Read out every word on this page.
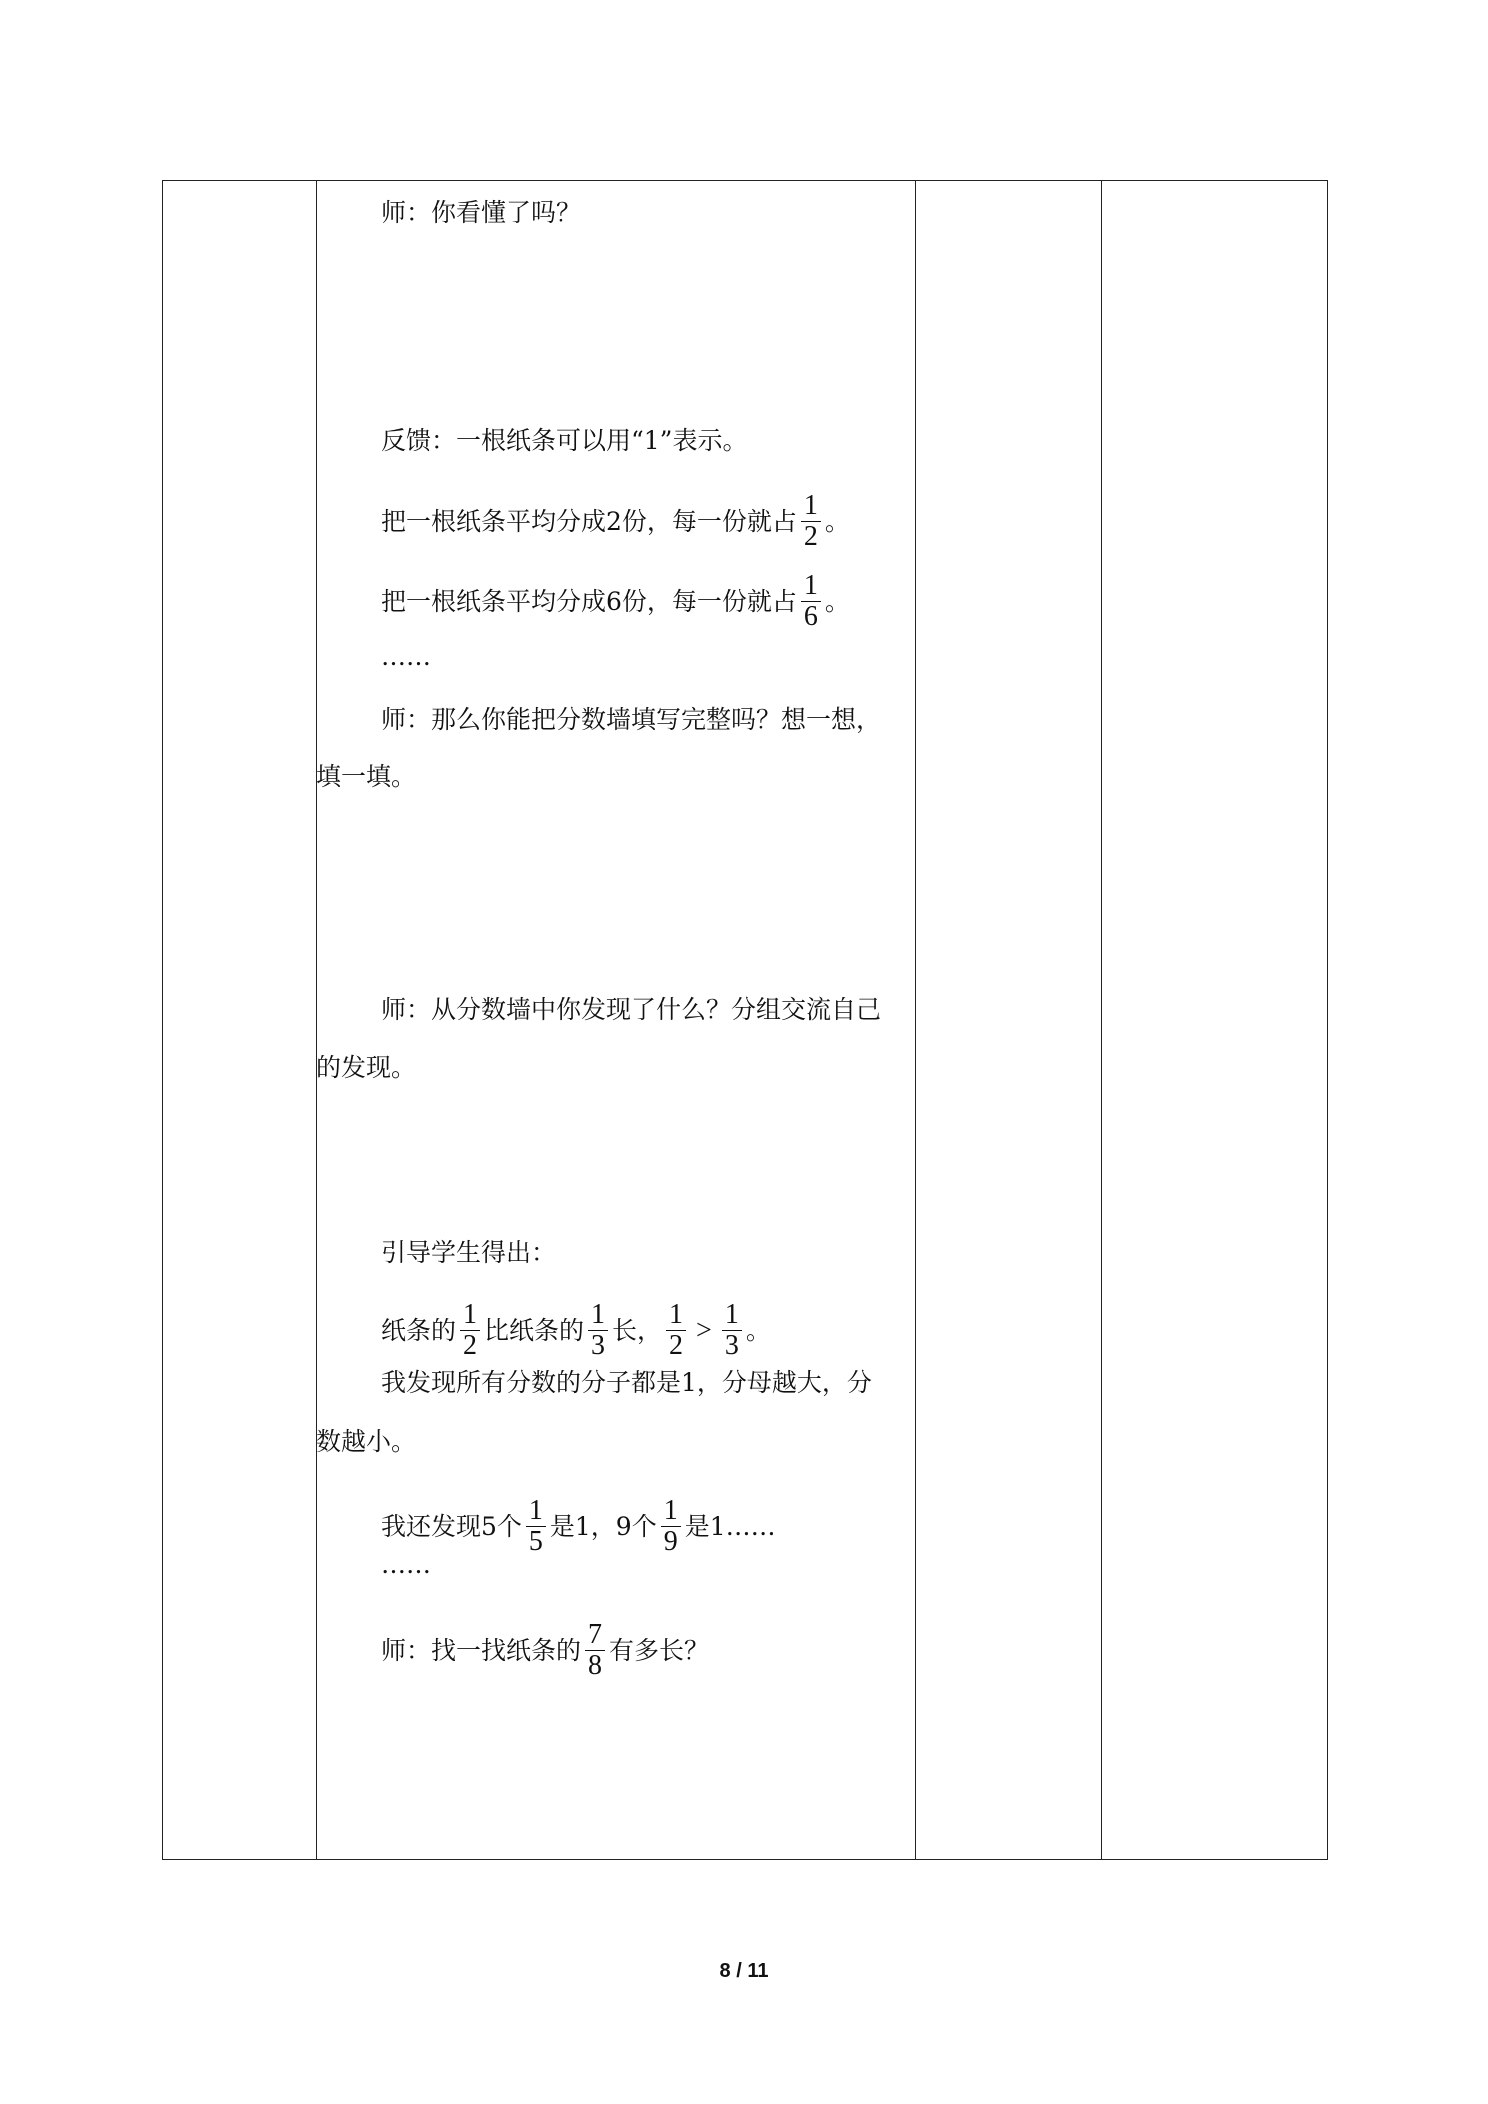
师：你看懂了吗？
反馈：一根纸条可以用“1”表示。
把一根纸条平均分成2份，每一份就占 $\frac{1}{2}$ 。
把一根纸条平均分成6份，每一份就占 $\frac{1}{6}$ 。
……
师：那么你能把分数墙填写完整吗？想一想，
填一填。
师：从分数墙中你发现了什么？分组交流自己
的发现。
引导学生得出：
纸条的 $\frac{1}{2}$ 比纸条的 $\frac{1}{3}$ 长， $\frac{1}{2} > \frac{1}{3}$ 。
我发现所有分数的分子都是1，分母越大，分
数越小。
我还发现5个 $\frac{1}{5}$ 是1，9个 $\frac{1}{9}$ 是1……
……
师：找一找纸条的 $\frac{7}{8}$ 有多长？
8 / 11
